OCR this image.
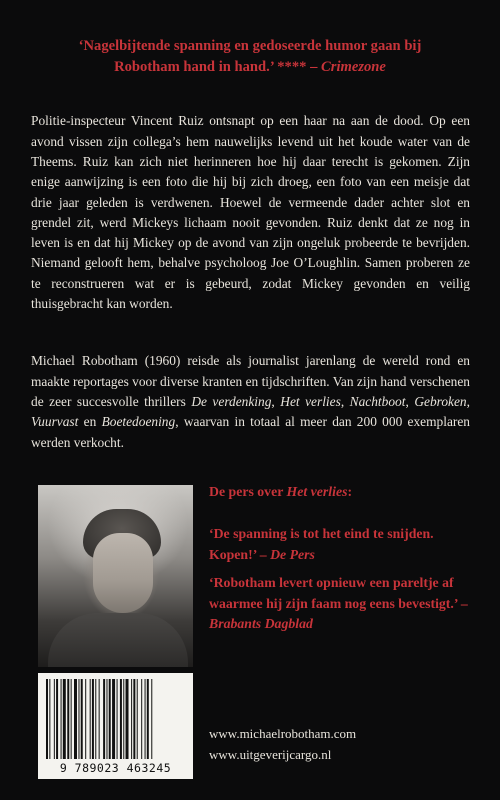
‘Nagelbijtende spanning en gedoseerde humor gaan bij
Robotham hand in hand.’ **** – Crimezone

Politie-inspecteur Vincent Ruiz ontsnapt op een haar na aan de dood. Op een avond vissen zijn collega’s hem nauwelijks levend uit het koude water van de Theems. Ruiz kan zich niet herinneren hoe hij daar terecht is gekomen. Zijn enige aanwijzing is een foto die hij bij zich droeg, een foto van een meisje dat drie jaar geleden is verdwenen. Hoewel de vermeende dader achter slot en grendel zit, werd Mickeys lichaam nooit gevonden. Ruiz denkt dat ze nog in leven is en dat hij Mickey op de avond van zijn ongeluk probeerde te bevrijden. Niemand gelooft hem, behalve psycholoog Joe O’Loughlin. Samen proberen ze te reconstrueren wat er is gebeurd, zodat Mickey gevonden en veilig thuisgebracht kan worden.

Michael Robotham (1960) reisde als journalist jarenlang de wereld rond en maakte reportages voor diverse kranten en tijdschriften. Van zijn hand verschenen de zeer succesvolle thrillers De verdenking, Het verlies, Nachtboot, Gebroken, Vuurvast en Boetedoening, waarvan in totaal al meer dan 200 000 exemplaren werden verkocht.

9 789023 463245
De pers over Het verlies:
‘De spanning is tot het eind te snijden. Kopen!’ – De Pers
‘Robotham levert opnieuw een pareltje af waarmee hij zijn faam nog eens bevestigt.’ – Brabants Dagblad
www.michaelrobotham.com
www.uitgeverijcargo.nl
